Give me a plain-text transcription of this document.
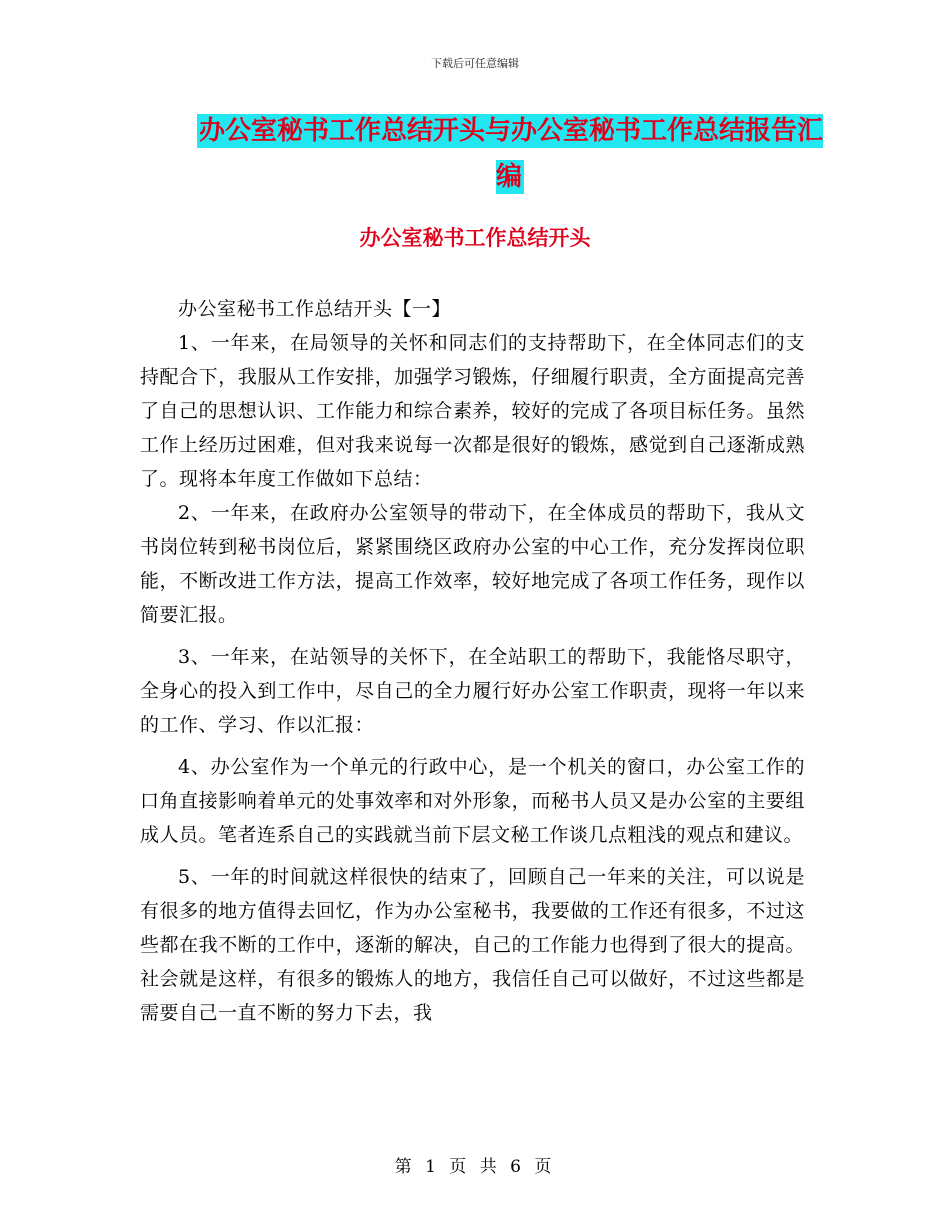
下载后可任意编辑
办公室秘书工作总结开头与办公室秘书工作总结报告汇编
办公室秘书工作总结开头

办公室秘书工作总结开头【一】

1、一年来，在局领导的关怀和同志们的支持帮助下，在全体同志们的支持配合下，我服从工作安排，加强学习锻炼，仔细履行职责，全方面提高完善了自己的思想认识、工作能力和综合素养，较好的完成了各项目标任务。虽然工作上经历过困难，但对我来说每一次都是很好的锻炼，感觉到自己逐渐成熟了。现将本年度工作做如下总结：

2、一年来，在政府办公室领导的带动下，在全体成员的帮助下，我从文书岗位转到秘书岗位后，紧紧围绕区政府办公室的中心工作，充分发挥岗位职能，不断改进工作方法，提高工作效率，较好地完成了各项工作任务，现作以简要汇报。

3、一年来，在站领导的关怀下，在全站职工的帮助下，我能恪尽职守，全身心的投入到工作中，尽自己的全力履行好办公室工作职责，现将一年以来的工作、学习、作以汇报：

4、办公室作为一个单元的行政中心，是一个机关的窗口，办公室工作的口角直接影响着单元的处事效率和对外形象，而秘书人员又是办公室的主要组成人员。笔者连系自己的实践就当前下层文秘工作谈几点粗浅的观点和建议。

5、一年的时间就这样很快的结束了，回顾自己一年来的关注，可以说是有很多的地方值得去回忆，作为办公室秘书，我要做的工作还有很多，不过这些都在我不断的工作中，逐渐的解决，自己的工作能力也得到了很大的提高。社会就是这样，有很多的锻炼人的地方，我信任自己可以做好，不过这些都是需要自己一直不断的努力下去，我

第 1 页 共 6 页
